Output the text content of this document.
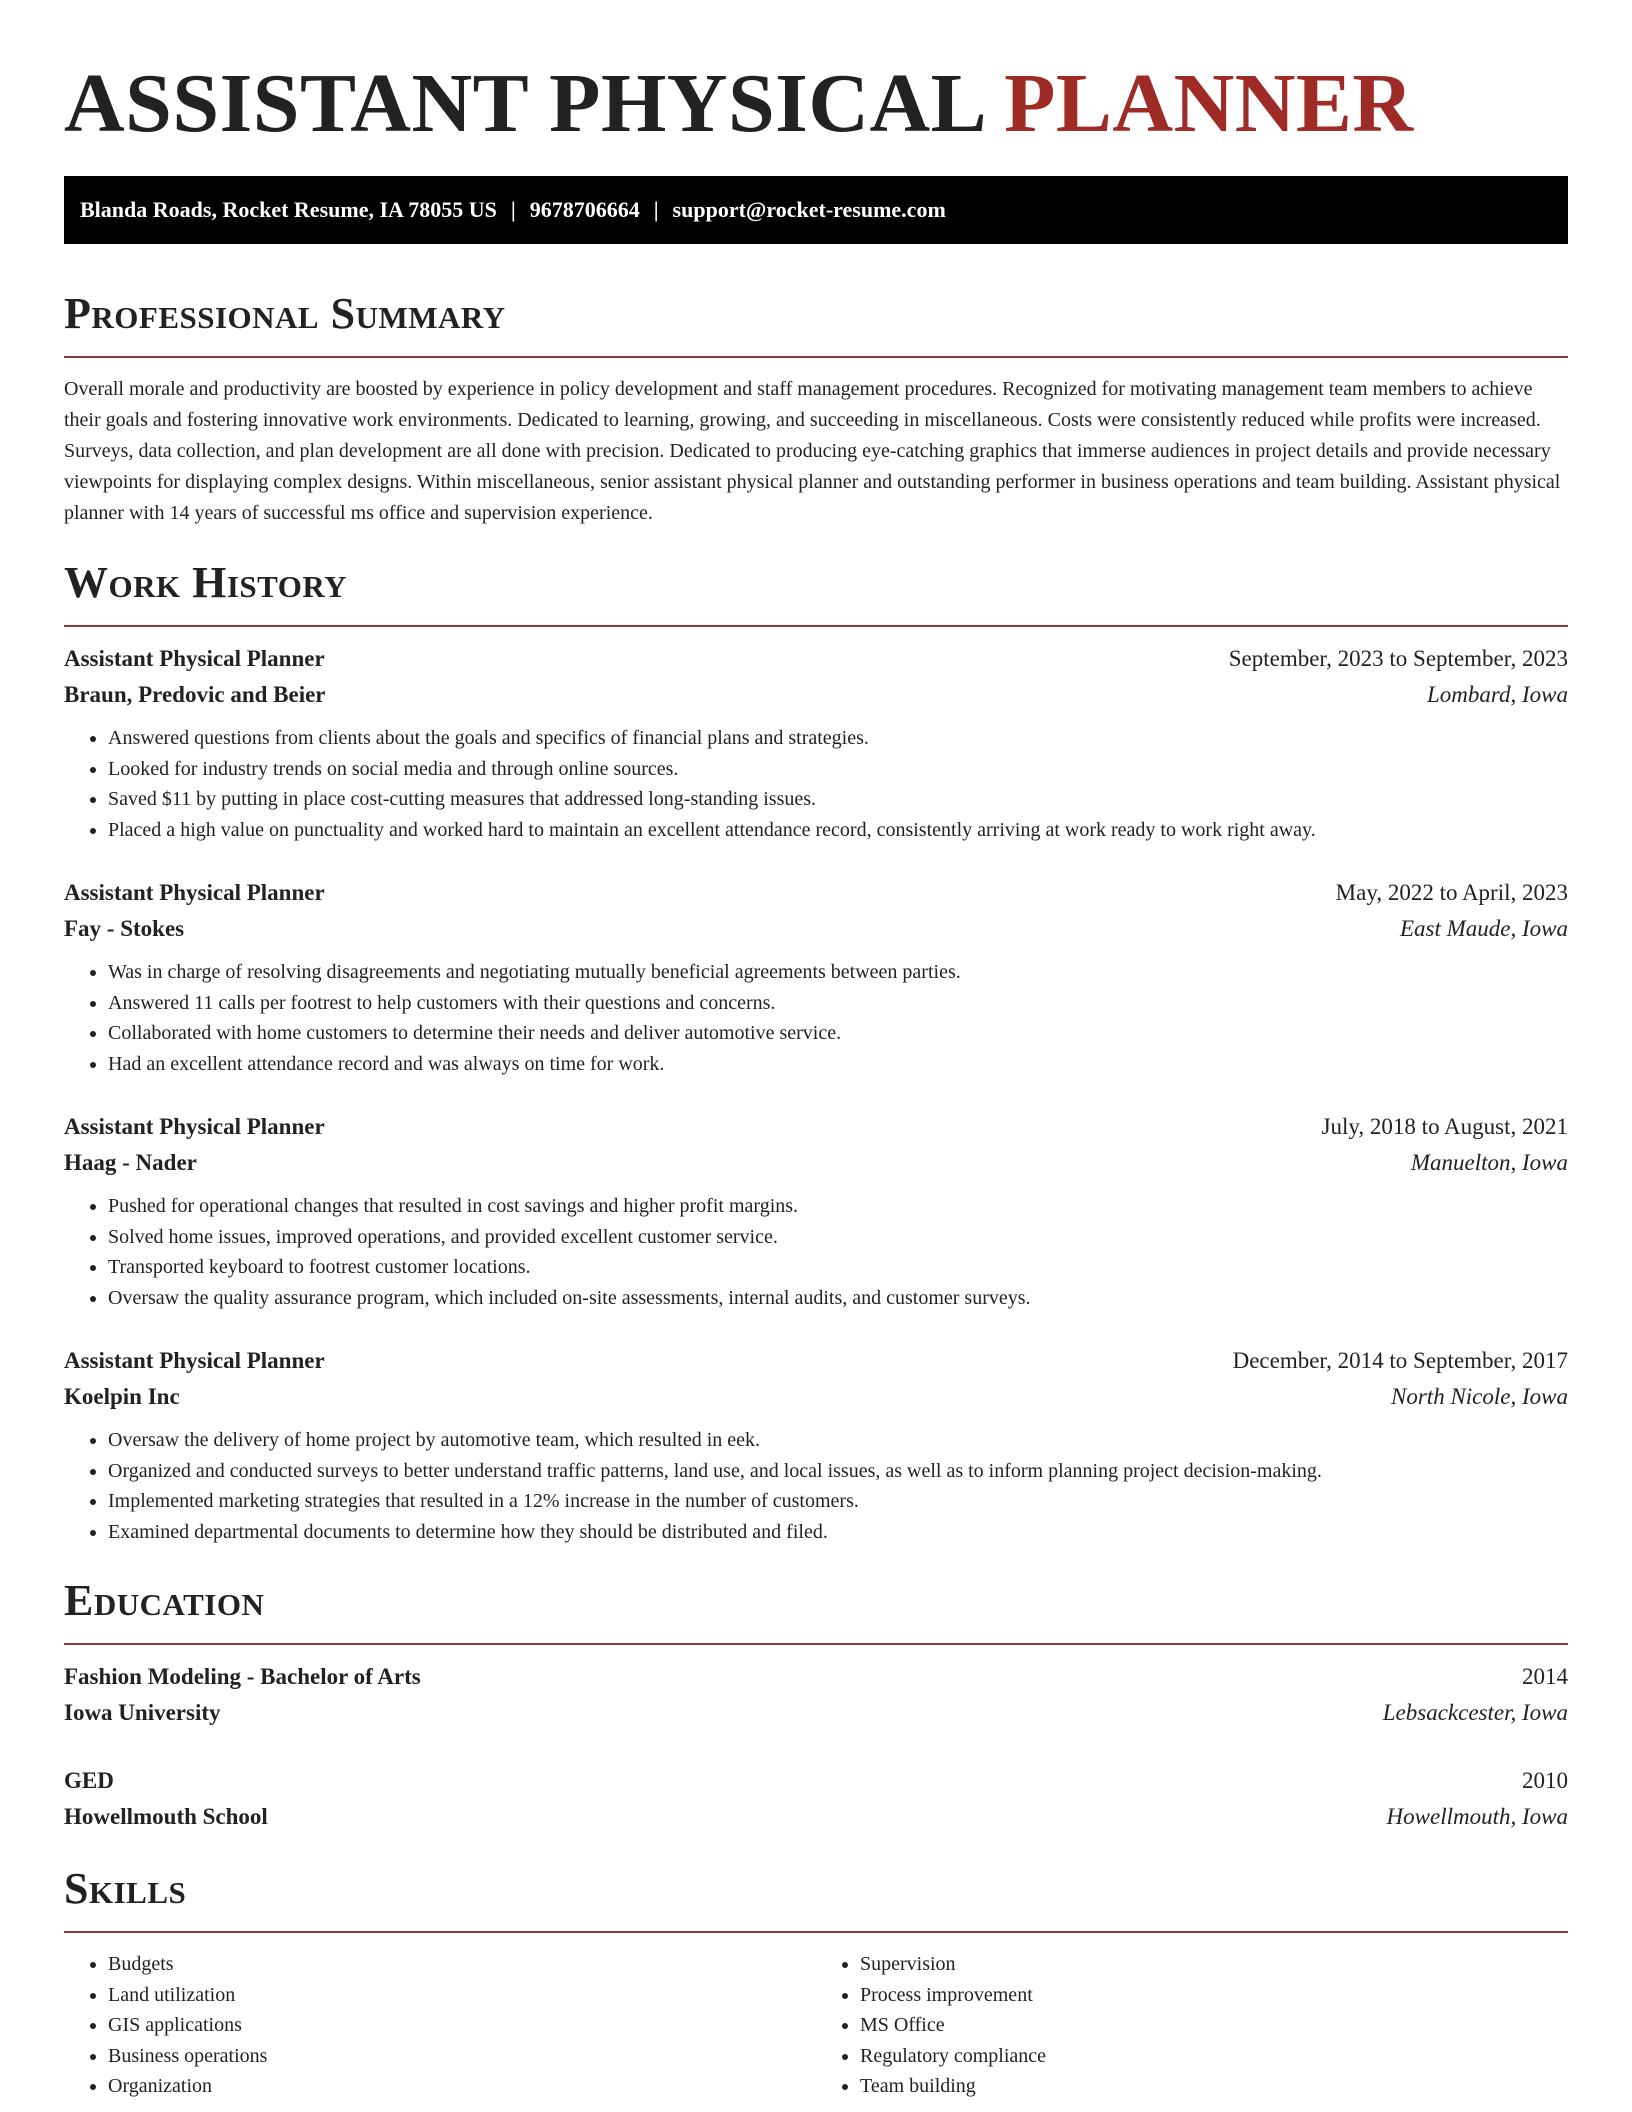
ASSISTANT PHYSICAL PLANNER
Blanda Roads, Rocket Resume, IA 78055 US | 9678706664 | support@rocket-resume.com
Professional Summary

Overall morale and productivity are boosted by experience in policy development and staff management procedures. Recognized for motivating management team members to achieve their goals and fostering innovative work environments. Dedicated to learning, growing, and succeeding in miscellaneous. Costs were consistently reduced while profits were increased. Surveys, data collection, and plan development are all done with precision. Dedicated to producing eye-catching graphics that immerse audiences in project details and provide necessary viewpoints for displaying complex designs. Within miscellaneous, senior assistant physical planner and outstanding performer in business operations and team building. Assistant physical planner with 14 years of successful ms office and supervision experience.

Work History
Assistant Physical Planner	September, 2023 to September, 2023
Braun, Predovic and Beier	Lombard, Iowa
• Answered questions from clients about the goals and specifics of financial plans and strategies.
• Looked for industry trends on social media and through online sources.
• Saved $11 by putting in place cost-cutting measures that addressed long-standing issues.
• Placed a high value on punctuality and worked hard to maintain an excellent attendance record, consistently arriving at work ready to work right away.
Assistant Physical Planner	May, 2022 to April, 2023
Fay - Stokes	East Maude, Iowa
• Was in charge of resolving disagreements and negotiating mutually beneficial agreements between parties.
• Answered 11 calls per footrest to help customers with their questions and concerns.
• Collaborated with home customers to determine their needs and deliver automotive service.
• Had an excellent attendance record and was always on time for work.
Assistant Physical Planner	July, 2018 to August, 2021
Haag - Nader	Manuelton, Iowa
• Pushed for operational changes that resulted in cost savings and higher profit margins.
• Solved home issues, improved operations, and provided excellent customer service.
• Transported keyboard to footrest customer locations.
• Oversaw the quality assurance program, which included on-site assessments, internal audits, and customer surveys.
Assistant Physical Planner	December, 2014 to September, 2017
Koelpin Inc	North Nicole, Iowa
• Oversaw the delivery of home project by automotive team, which resulted in eek.
• Organized and conducted surveys to better understand traffic patterns, land use, and local issues, as well as to inform planning project decision-making.
• Implemented marketing strategies that resulted in a 12% increase in the number of customers.
• Examined departmental documents to determine how they should be distributed and filed.
Education
Fashion Modeling - Bachelor of Arts	2014
Iowa University	Lebsackcester, Iowa
GED	2010
Howellmouth School	Howellmouth, Iowa
Skills
• Budgets
• Land utilization
• GIS applications
• Business operations
• Organization
• Supervision
• Process improvement
• MS Office
• Regulatory compliance
• Team building
